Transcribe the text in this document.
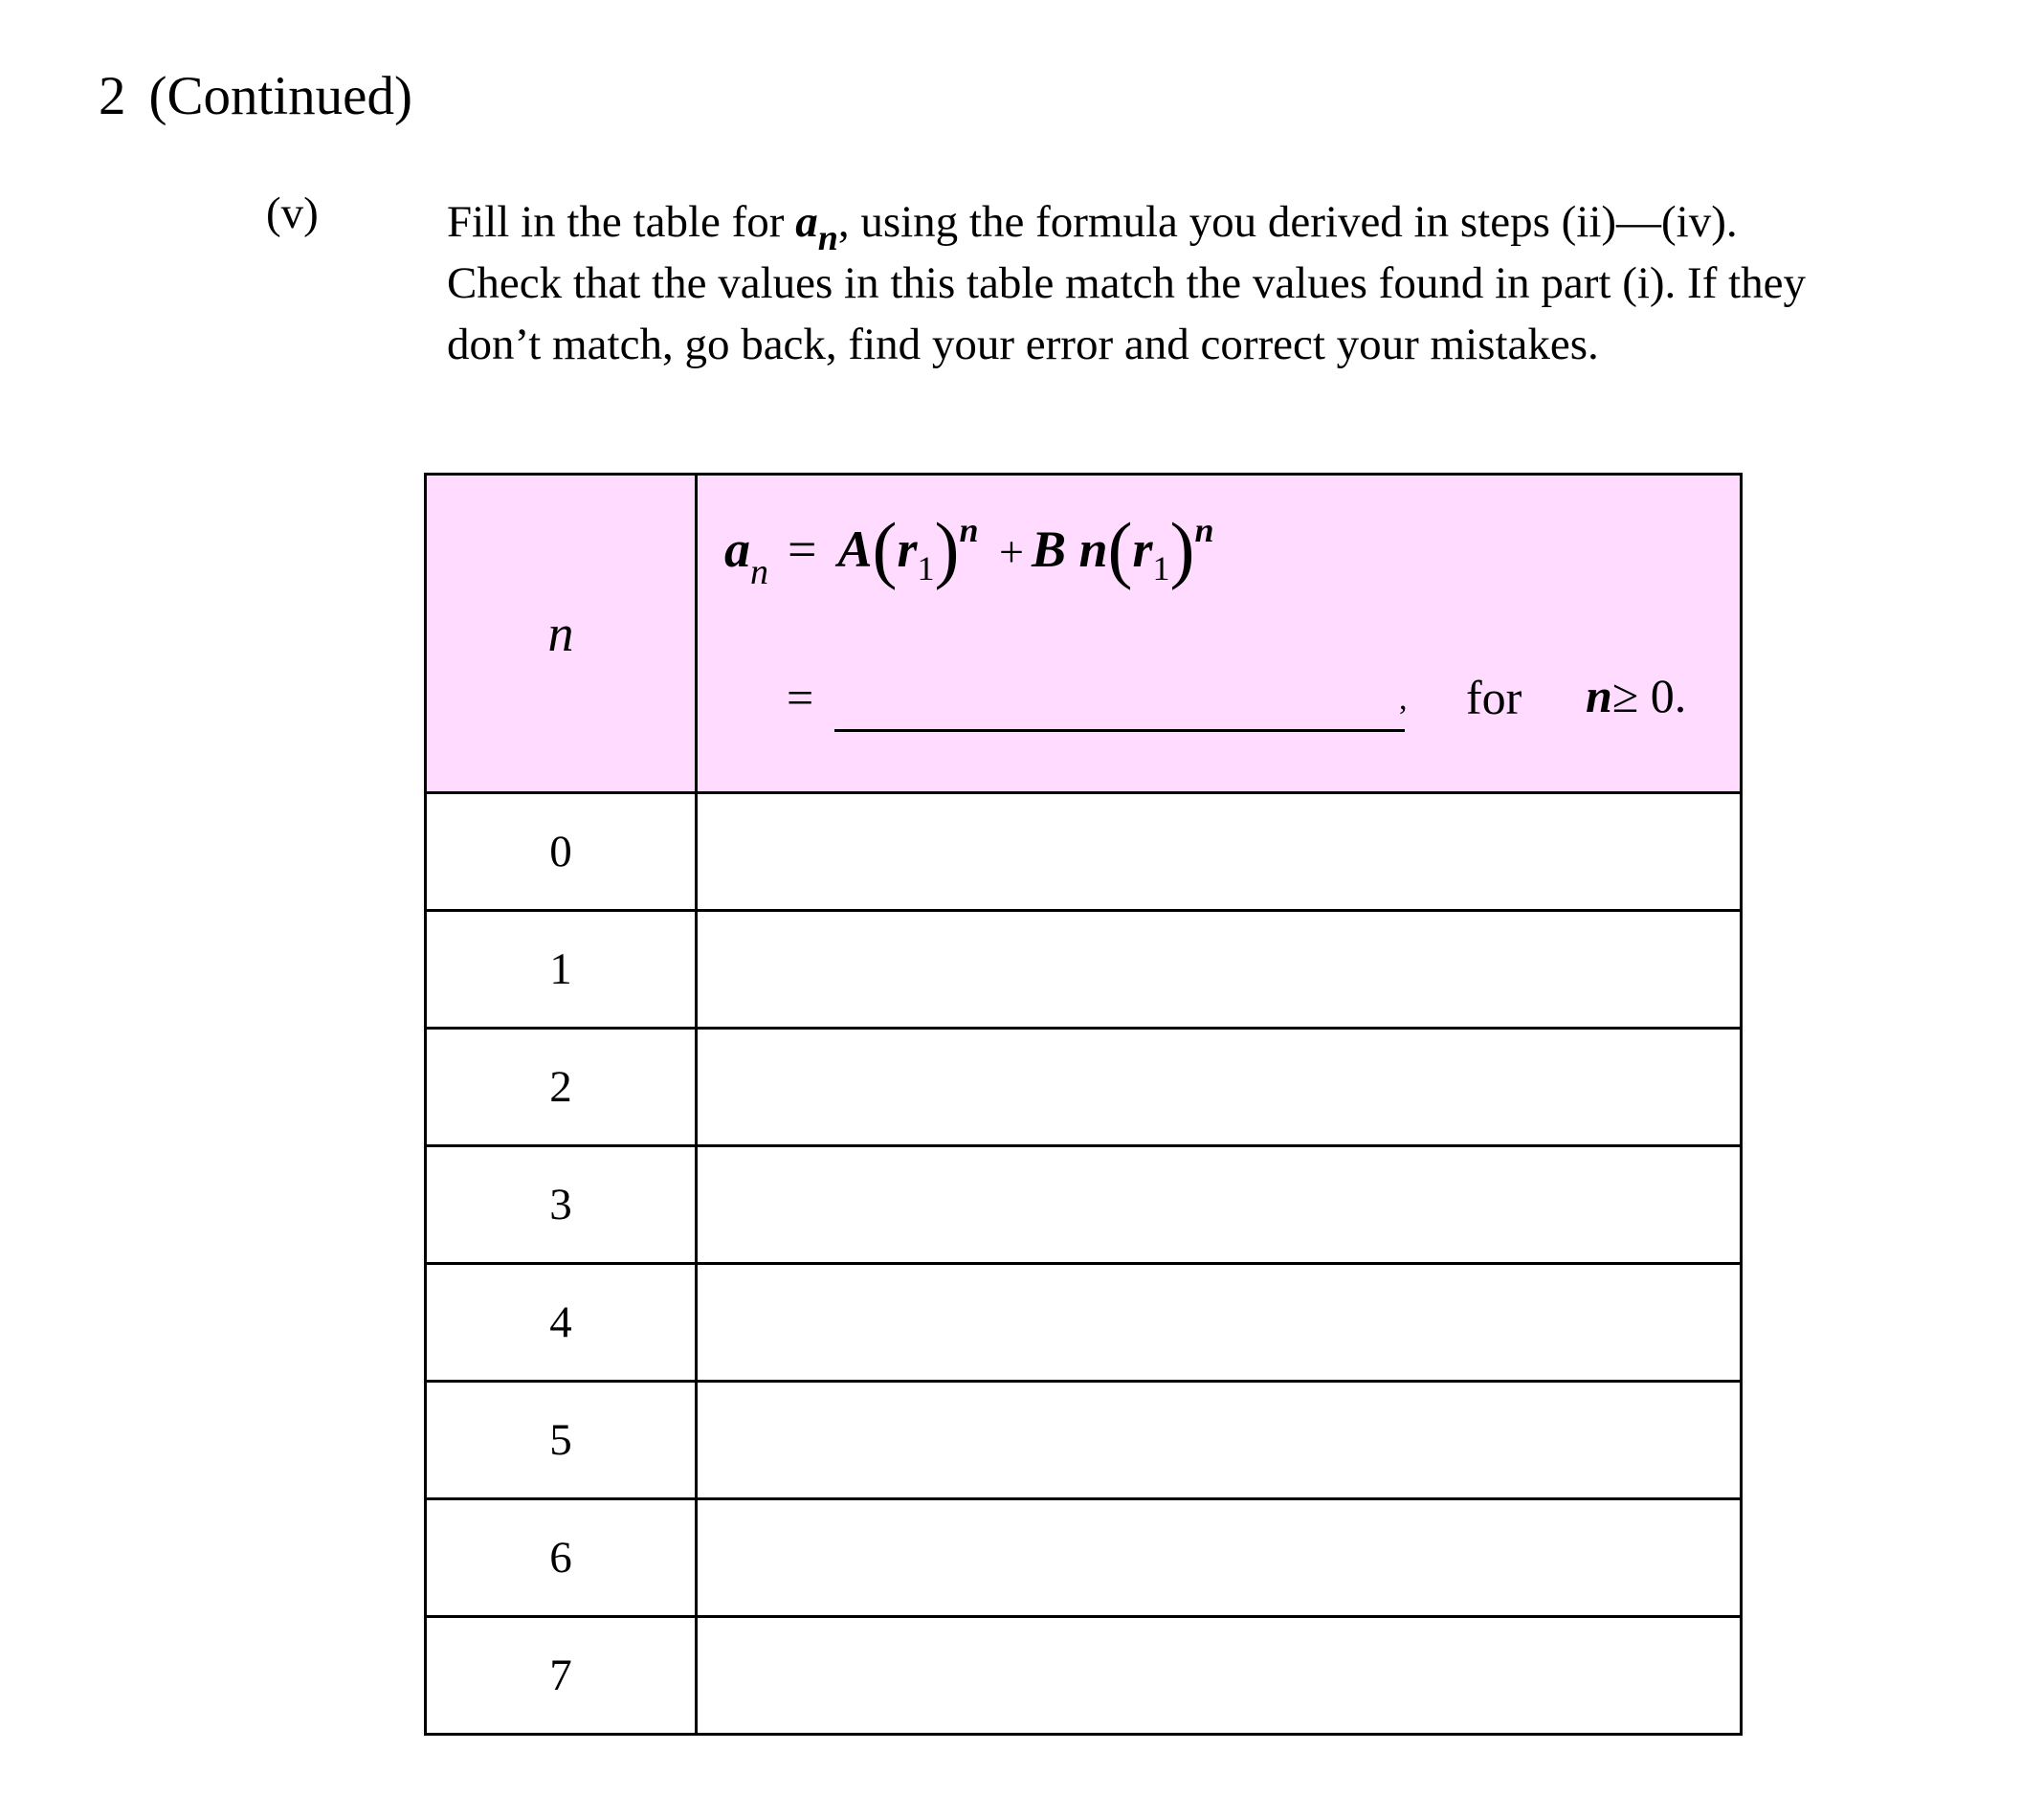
2 (Continued)
(v)	Fill in the table for $a_n$, using the formula you derived in steps (ii)—(iv).
Check that the values in this table match the values found in part (i). If they
don’t match, go back, find your error and correct your mistakes.
n	$a_n = A(r_1)^n + B$ $n(r_1)^n$
= , for n≥ 0.

0	
1	
2	
3	
4	
5	
6	
7	
